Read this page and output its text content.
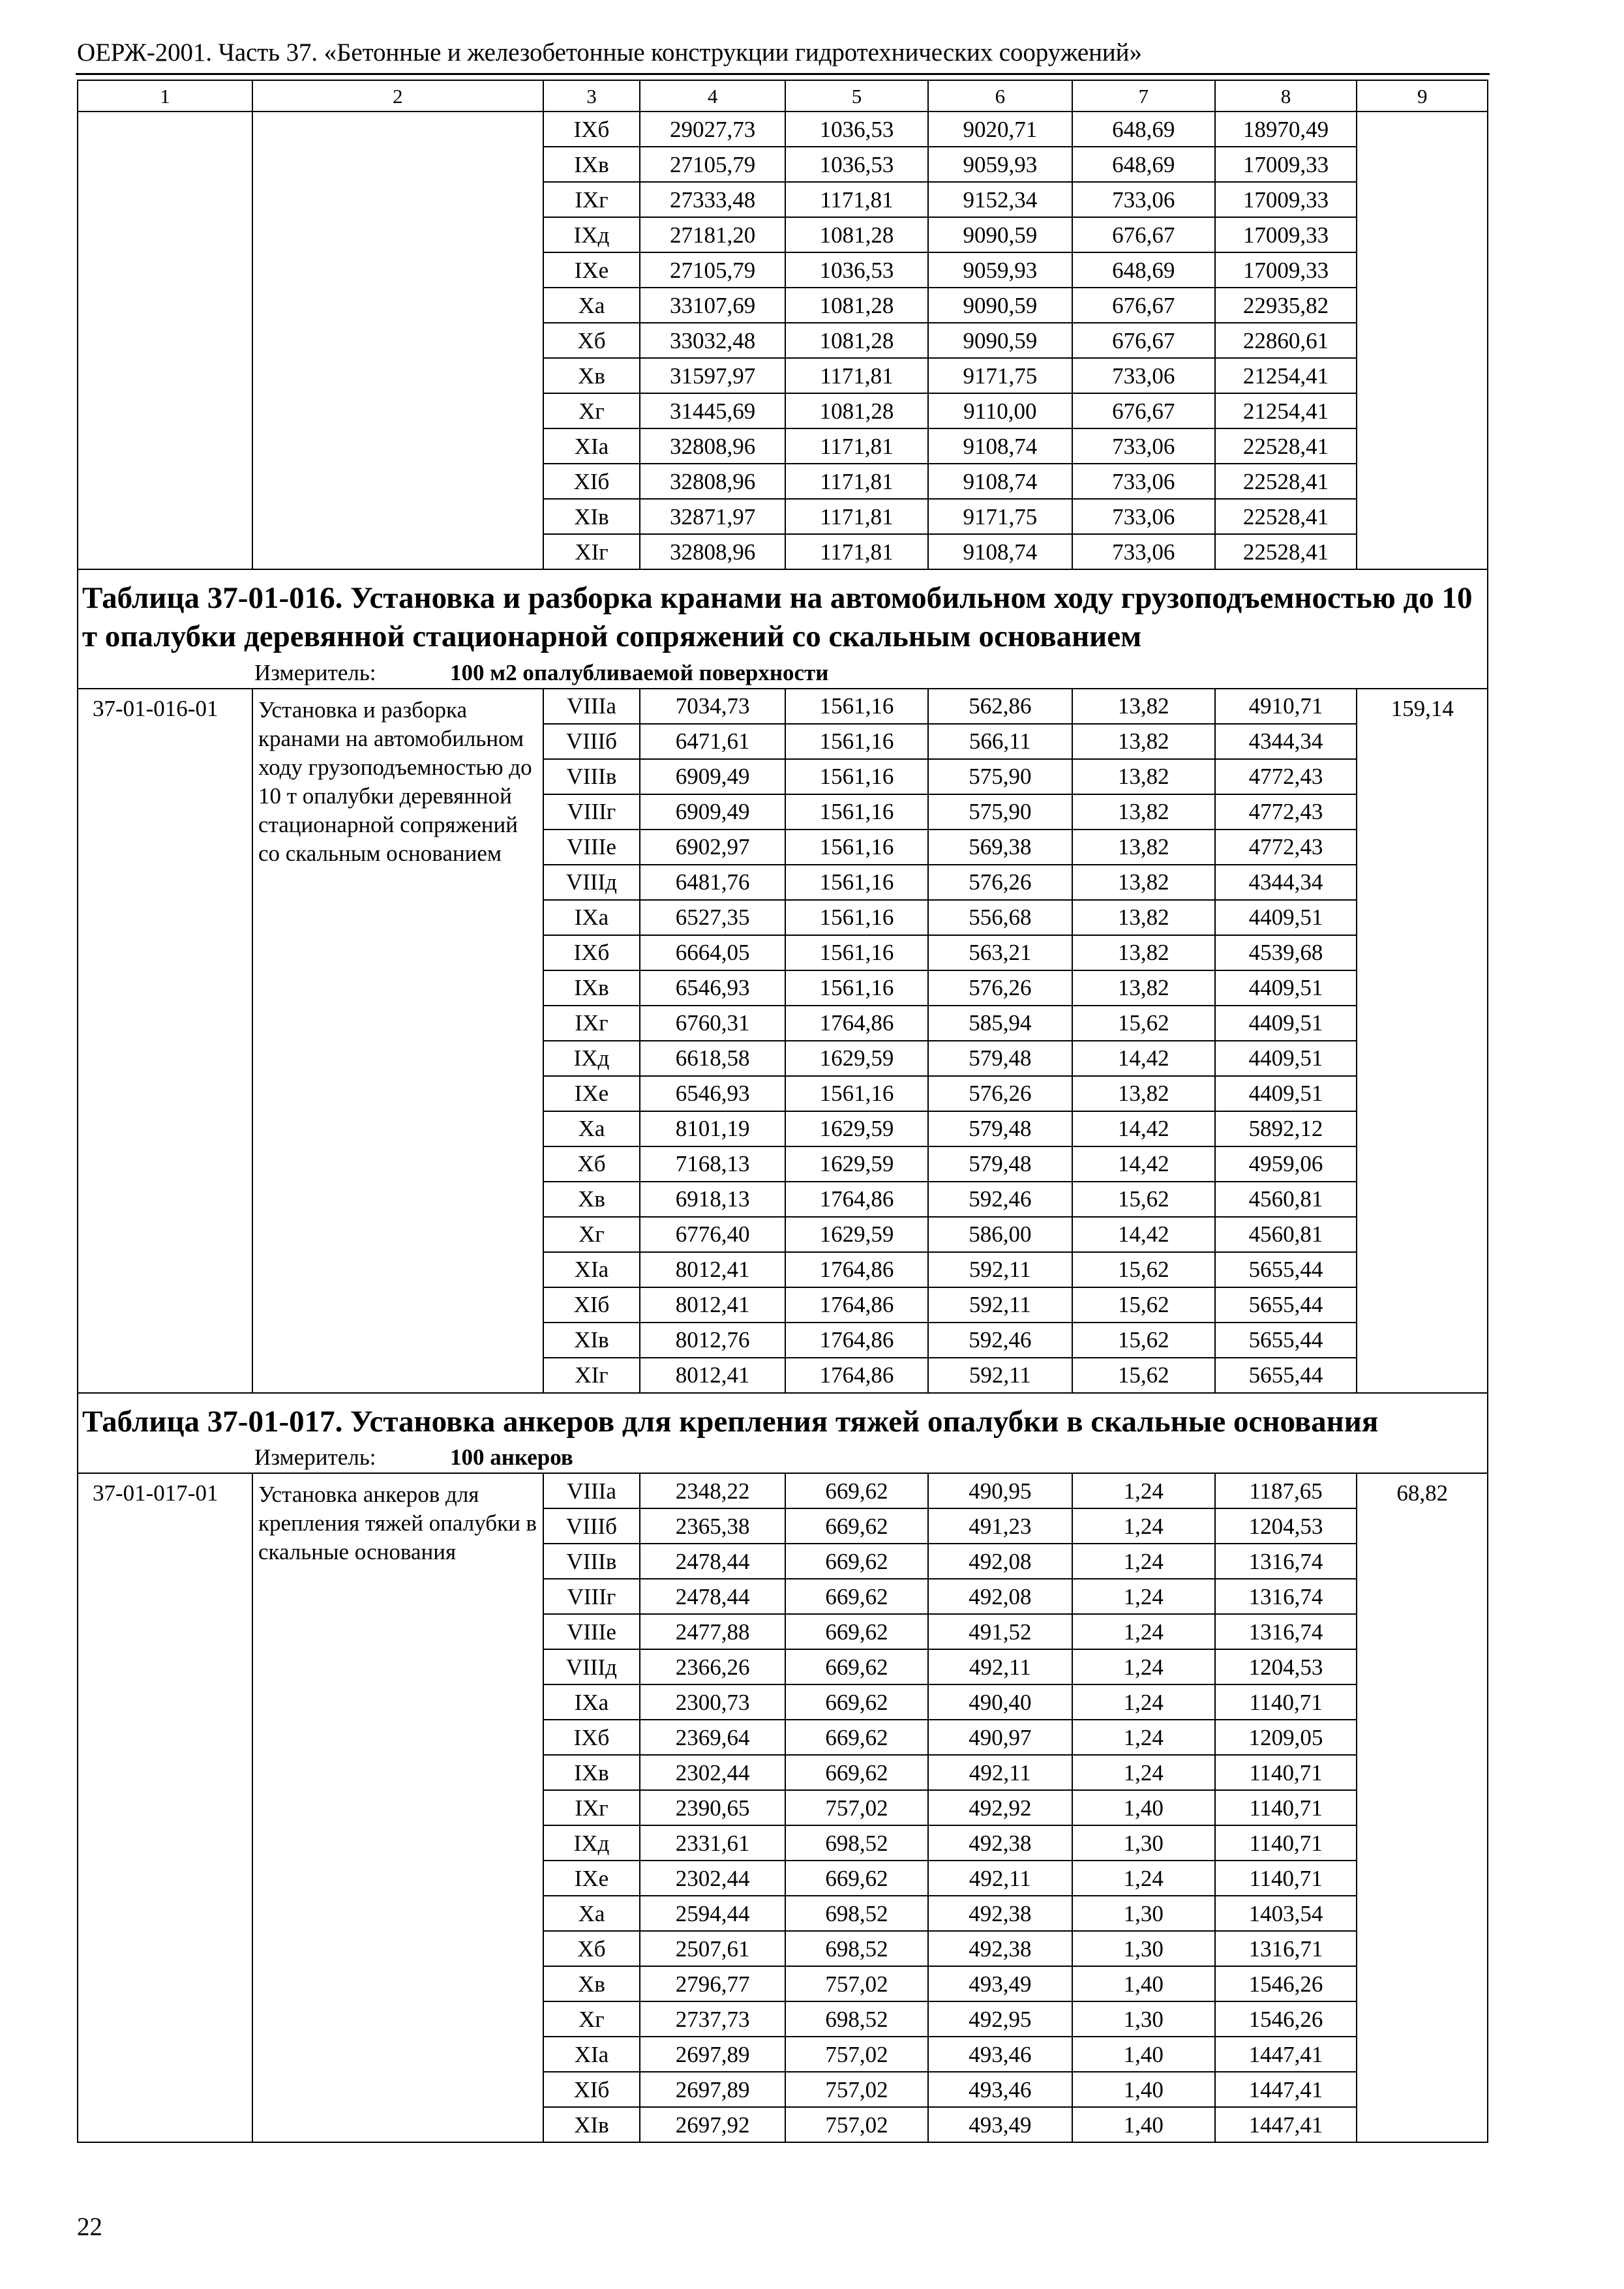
ОЕРЖ-2001. Часть 37. «Бетонные и железобетонные конструкции гидротехнических сооружений»
1	2	3	4	5	6	7	8	9
		IXб	29027,73	1036,53	9020,71	648,69	18970,49	
		IXв	27105,79	1036,53	9059,93	648,69	17009,33	
		IXг	27333,48	1171,81	9152,34	733,06	17009,33	
		IXд	27181,20	1081,28	9090,59	676,67	17009,33	
		IXе	27105,79	1036,53	9059,93	648,69	17009,33	
		Xа	33107,69	1081,28	9090,59	676,67	22935,82	
		Xб	33032,48	1081,28	9090,59	676,67	22860,61	
		Xв	31597,97	1171,81	9171,75	733,06	21254,41	
		Xг	31445,69	1081,28	9110,00	676,67	21254,41	
		XIа	32808,96	1171,81	9108,74	733,06	22528,41	
		XIб	32808,96	1171,81	9108,74	733,06	22528,41	
		XIв	32871,97	1171,81	9171,75	733,06	22528,41	
		XIг	32808,96	1171,81	9108,74	733,06	22528,41	

Таблица 37-01-016. Установка и разборка кранами на автомобильном ходу грузоподъемностью до 10 т опалубки деревянной стационарной сопряжений со скальным основанием
Измеритель: 100 м2 опалубливаемой поверхности								

37-01-016-01	Установка и разборка кранами на автомобильном ходу грузоподъемностью до 10 т опалубки деревянной стационарной сопряжений со скальным основанием	VIIIа	7034,73	1561,16	562,86	13,82	4910,71	159,14
		VIIIб	6471,61	1561,16	566,11	13,82	4344,34	
		VIIIв	6909,49	1561,16	575,90	13,82	4772,43	
		VIIIг	6909,49	1561,16	575,90	13,82	4772,43	
		VIIIе	6902,97	1561,16	569,38	13,82	4772,43	
		VIIIд	6481,76	1561,16	576,26	13,82	4344,34	
		IXа	6527,35	1561,16	556,68	13,82	4409,51	
		IXб	6664,05	1561,16	563,21	13,82	4539,68	
		IXв	6546,93	1561,16	576,26	13,82	4409,51	
		IXг	6760,31	1764,86	585,94	15,62	4409,51	
		IXд	6618,58	1629,59	579,48	14,42	4409,51	
		IXе	6546,93	1561,16	576,26	13,82	4409,51	
		Xа	8101,19	1629,59	579,48	14,42	5892,12	
		Xб	7168,13	1629,59	579,48	14,42	4959,06	
		Xв	6918,13	1764,86	592,46	15,62	4560,81	
		Xг	6776,40	1629,59	586,00	14,42	4560,81	
		XIа	8012,41	1764,86	592,11	15,62	5655,44	
		XIб	8012,41	1764,86	592,11	15,62	5655,44	
		XIв	8012,76	1764,86	592,46	15,62	5655,44	
		XIг	8012,41	1764,86	592,11	15,62	5655,44	

Таблица 37-01-017. Установка анкеров для крепления тяжей опалубки в скальные основания
Измеритель: 100 анкеров								

37-01-017-01	Установка анкеров для крепления тяжей опалубки в скальные основания	VIIIа	2348,22	669,62	490,95	1,24	1187,65	68,82
		VIIIб	2365,38	669,62	491,23	1,24	1204,53	
		VIIIв	2478,44	669,62	492,08	1,24	1316,74	
		VIIIг	2478,44	669,62	492,08	1,24	1316,74	
		VIIIе	2477,88	669,62	491,52	1,24	1316,74	
		VIIIд	2366,26	669,62	492,11	1,24	1204,53	
		IXа	2300,73	669,62	490,40	1,24	1140,71	
		IXб	2369,64	669,62	490,97	1,24	1209,05	
		IXв	2302,44	669,62	492,11	1,24	1140,71	
		IXг	2390,65	757,02	492,92	1,40	1140,71	
		IXд	2331,61	698,52	492,38	1,30	1140,71	
		IXе	2302,44	669,62	492,11	1,24	1140,71	
		Xа	2594,44	698,52	492,38	1,30	1403,54	
		Xб	2507,61	698,52	492,38	1,30	1316,71	
		Xв	2796,77	757,02	493,49	1,40	1546,26	
		Xг	2737,73	698,52	492,95	1,30	1546,26	
		XIа	2697,89	757,02	493,46	1,40	1447,41	
		XIб	2697,89	757,02	493,46	1,40	1447,41	
		XIв	2697,92	757,02	493,49	1,40	1447,41	
22
